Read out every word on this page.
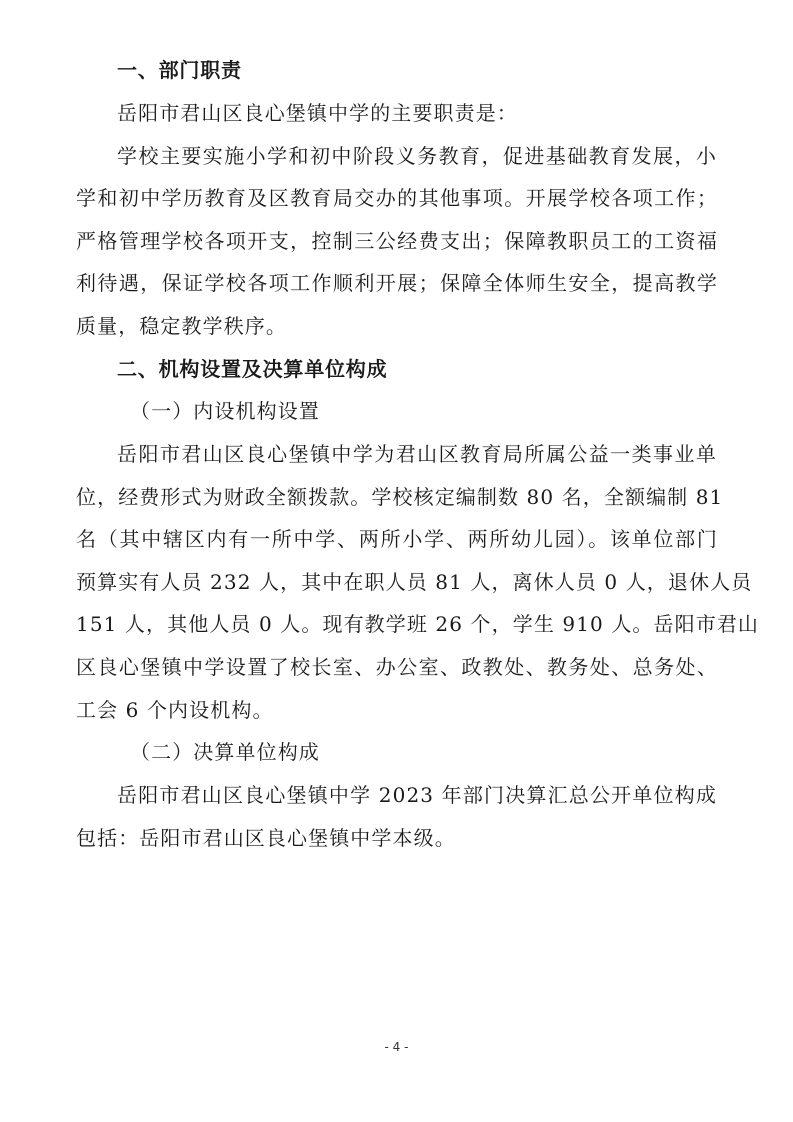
一、部门职责
岳阳市君山区良心堡镇中学的主要职责是：
学校主要实施小学和初中阶段义务教育，促进基础教育发展，小
学和初中学历教育及区教育局交办的其他事项。开展学校各项工作；
严格管理学校各项开支，控制三公经费支出；保障教职员工的工资福
利待遇，保证学校各项工作顺利开展；保障全体师生安全，提高教学
质量，稳定教学秩序。
二、机构设置及决算单位构成
（一）内设机构设置
岳阳市君山区良心堡镇中学为君山区教育局所属公益一类事业单
位，经费形式为财政全额拨款。学校核定编制数 80 名，全额编制 81
名（其中辖区内有一所中学、两所小学、两所幼儿园）。该单位部门
预算实有人员 232 人，其中在职人员 81 人，离休人员 0 人，退休人员
151 人，其他人员 0 人。现有教学班 26 个，学生 910 人。岳阳市君山
区良心堡镇中学设置了校长室、办公室、政教处、教务处、总务处、
工会 6 个内设机构。
（二）决算单位构成
岳阳市君山区良心堡镇中学 2023 年部门决算汇总公开单位构成
包括：岳阳市君山区良心堡镇中学本级。
- 4 -
